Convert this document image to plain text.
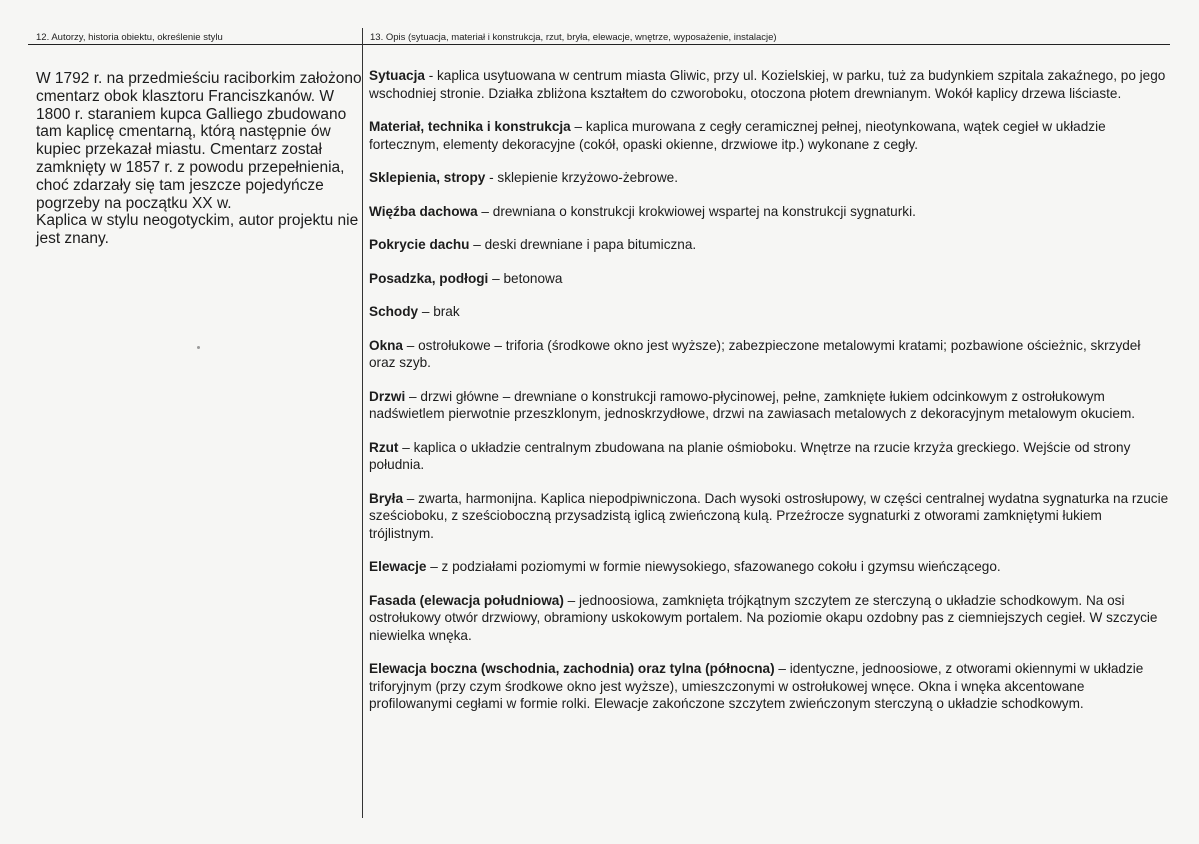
12. Autorzy, historia obiektu, określenie stylu	13. Opis (sytuacja, materiał i konstrukcja, rzut, bryła, elewacje, wnętrze, wyposażenie, instalacje)

W 1792 r. na przedmieściu raciborkim założono cmentarz obok klasztoru Franciszkanów. W 1800 r. staraniem kupca Galliego zbudowano tam kaplicę cmentarną, którą następnie ów kupiec przekazał miastu. Cmentarz został zamknięty w 1857 r. z powodu przepełnienia, choć zdarzały się tam jeszcze pojedyńcze pogrzeby na początku XX w.

Kaplica w stylu neogotyckim, autor projektu nie jest znany.

Sytuacja - kaplica usytuowana w centrum miasta Gliwic, przy ul. Kozielskiej, w parku, tuż za budynkiem szpitala zakaźnego, po jego wschodniej stronie. Działka zbliżona kształtem do czworoboku, otoczona płotem drewnianym. Wokół kaplicy drzewa liściaste.
Materiał, technika i konstrukcja – kaplica murowana z cegły ceramicznej pełnej, nieotynkowana, wątek cegieł w układzie fortecznym, elementy dekoracyjne (cokół, opaski okienne, drzwiowe itp.) wykonane z cegły.
Sklepienia, stropy - sklepienie krzyżowo-żebrowe.
Więźba dachowa – drewniana o konstrukcji krokwiowej wspartej na konstrukcji sygnaturki.
Pokrycie dachu – deski drewniane i papa bitumiczna.
Posadzka, podłogi – betonowa
Schody – brak
Okna – ostrołukowe – triforia (środkowe okno jest wyższe); zabezpieczone metalowymi kratami; pozbawione ościeżnic, skrzydeł oraz szyb.
Drzwi – drzwi główne – drewniane o konstrukcji ramowo-płycinowej, pełne, zamknięte łukiem odcinkowym z ostrołukowym nadświetlem pierwotnie przeszklonym, jednoskrzydłowe, drzwi na zawiasach metalowych z dekoracyjnym metalowym okuciem.
Rzut – kaplica o układzie centralnym zbudowana na planie ośmioboku. Wnętrze na rzucie krzyża greckiego. Wejście od strony południa.
Bryła – zwarta, harmonijna. Kaplica niepodpiwniczona. Dach wysoki ostrosłupowy, w części centralnej wydatna sygnaturka na rzucie sześcioboku, z sześcioboczną przysadzistą iglicą zwieńczoną kulą. Przeźrocze sygnaturki z otworami zamkniętymi łukiem trójlistnym.
Elewacje – z podziałami poziomymi w formie niewysokiego, sfazowanego cokołu i gzymsu wieńczącego.
Fasada (elewacja południowa) – jednoosiowa, zamknięta trójkątnym szczytem ze sterczyną o układzie schodkowym. Na osi ostrołukowy otwór drzwiowy, obramiony uskokowym portalem. Na poziomie okapu ozdobny pas z ciemniejszych cegieł. W szczycie niewielka wnęka.
Elewacja boczna (wschodnia, zachodnia) oraz tylna (północna) – identyczne, jednoosiowe, z otworami okiennymi w układzie triforyjnym (przy czym środkowe okno jest wyższe), umieszczonymi w ostrołukowej wnęce. Okna i wnęka akcentowane profilowanymi cegłami w formie rolki. Elewacje zakończone szczytem zwieńczonym sterczyną o układzie schodkowym.
